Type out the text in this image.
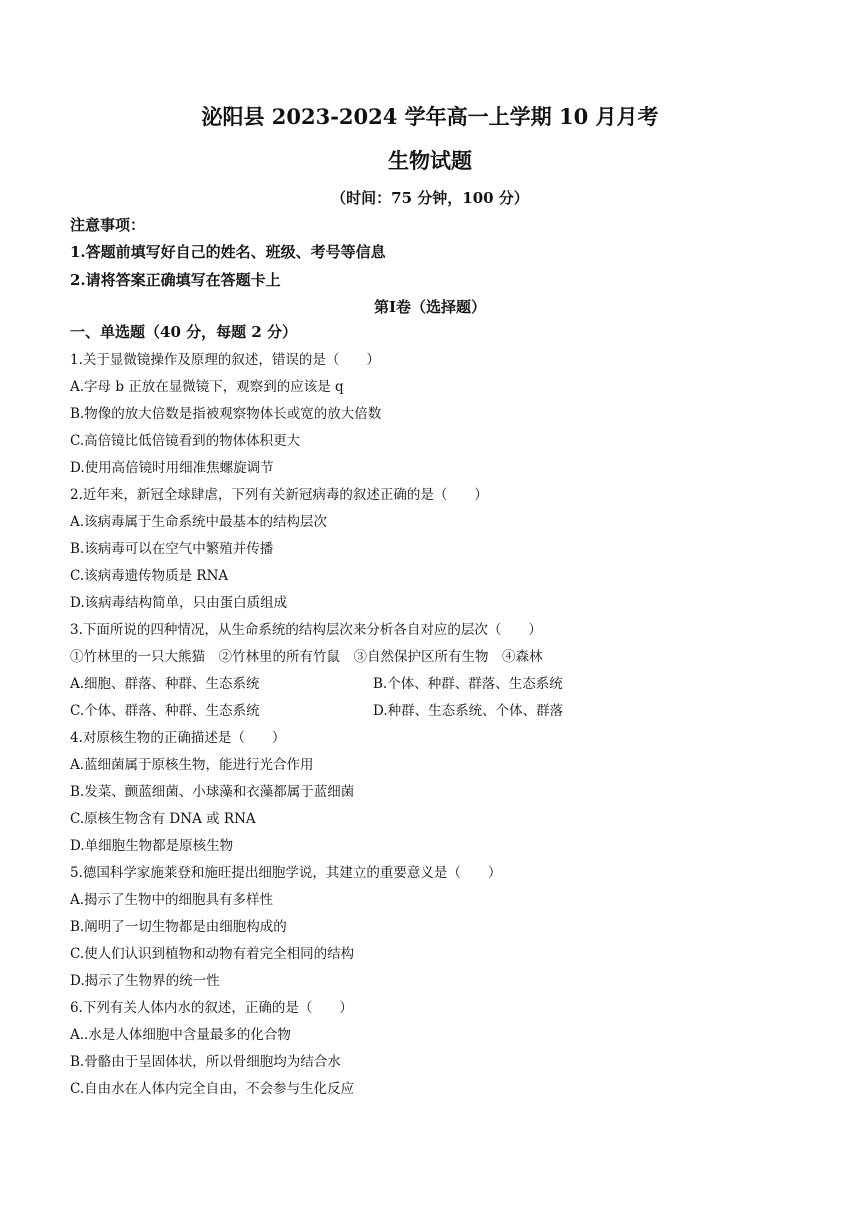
泌阳县 2023-2024 学年高一上学期 10 月月考
生物试题
（时间：75 分钟，100 分）
注意事项：
1.答题前填写好自己的姓名、班级、考号等信息
2.请将答案正确填写在答题卡上
第Ⅰ卷（选择题）
一、单选题（40 分，每题 2 分）
1.关于显微镜操作及原理的叙述，错误的是（　　）
A.字母 b 正放在显微镜下，观察到的应该是 q
B.物像的放大倍数是指被观察物体长或宽的放大倍数
C.高倍镜比低倍镜看到的物体体积更大
D.使用高倍镜时用细准焦螺旋调节
2.近年来，新冠全球肆虐，下列有关新冠病毒的叙述正确的是（　　）
A.该病毒属于生命系统中最基本的结构层次
B.该病毒可以在空气中繁殖并传播
C.该病毒遗传物质是 RNA
D.该病毒结构简单，只由蛋白质组成
3.下面所说的四种情况，从生命系统的结构层次来分析各自对应的层次（　　）
①竹林里的一只大熊猫　②竹林里的所有竹鼠　③自然保护区所有生物　④森林
A.细胞、群落、种群、生态系统	B.个体、种群、群落、生态系统
C.个体、群落、种群、生态系统	D.种群、生态系统、个体、群落
4.对原核生物的正确描述是（　　）
A.蓝细菌属于原核生物，能进行光合作用
B.发菜、颤蓝细菌、小球藻和衣藻都属于蓝细菌
C.原核生物含有 DNA 或 RNA
D.单细胞生物都是原核生物
5.德国科学家施莱登和施旺提出细胞学说，其建立的重要意义是（　　）
A.揭示了生物中的细胞具有多样性
B.阐明了一切生物都是由细胞构成的
C.使人们认识到植物和动物有着完全相同的结构
D.揭示了生物界的统一性
6.下列有关人体内水的叙述，正确的是（　　）
A..水是人体细胞中含量最多的化合物
B.骨骼由于呈固体状，所以骨细胞均为结合水
C.自由水在人体内完全自由，不会参与生化反应
